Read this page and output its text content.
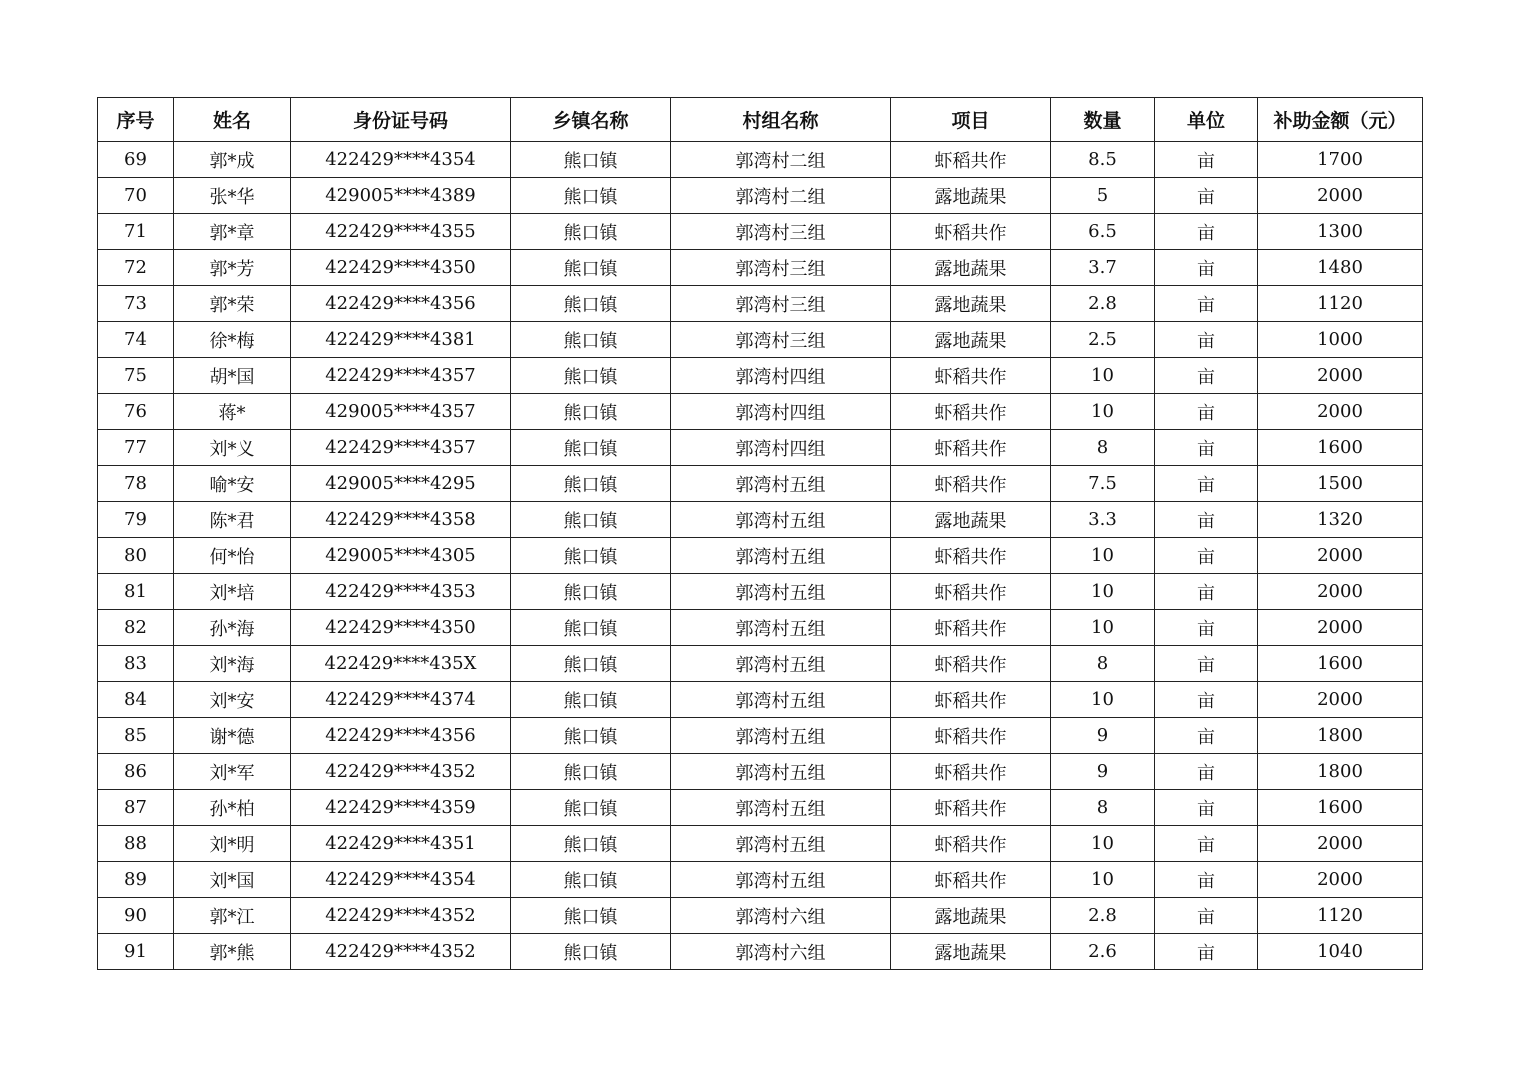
序号	姓名	身份证号码	乡镇名称	村组名称	项目	数量	单位	补助金额（元）
69	郭*成	422429****4354	熊口镇	郭湾村二组	虾稻共作	8.5	亩	1700
70	张*华	429005****4389	熊口镇	郭湾村二组	露地蔬果	5	亩	2000
71	郭*章	422429****4355	熊口镇	郭湾村三组	虾稻共作	6.5	亩	1300
72	郭*芳	422429****4350	熊口镇	郭湾村三组	露地蔬果	3.7	亩	1480
73	郭*荣	422429****4356	熊口镇	郭湾村三组	露地蔬果	2.8	亩	1120
74	徐*梅	422429****4381	熊口镇	郭湾村三组	露地蔬果	2.5	亩	1000
75	胡*国	422429****4357	熊口镇	郭湾村四组	虾稻共作	10	亩	2000
76	蒋*	429005****4357	熊口镇	郭湾村四组	虾稻共作	10	亩	2000
77	刘*义	422429****4357	熊口镇	郭湾村四组	虾稻共作	8	亩	1600
78	喻*安	429005****4295	熊口镇	郭湾村五组	虾稻共作	7.5	亩	1500
79	陈*君	422429****4358	熊口镇	郭湾村五组	露地蔬果	3.3	亩	1320
80	何*怡	429005****4305	熊口镇	郭湾村五组	虾稻共作	10	亩	2000
81	刘*培	422429****4353	熊口镇	郭湾村五组	虾稻共作	10	亩	2000
82	孙*海	422429****4350	熊口镇	郭湾村五组	虾稻共作	10	亩	2000
83	刘*海	422429****435X	熊口镇	郭湾村五组	虾稻共作	8	亩	1600
84	刘*安	422429****4374	熊口镇	郭湾村五组	虾稻共作	10	亩	2000
85	谢*德	422429****4356	熊口镇	郭湾村五组	虾稻共作	9	亩	1800
86	刘*军	422429****4352	熊口镇	郭湾村五组	虾稻共作	9	亩	1800
87	孙*柏	422429****4359	熊口镇	郭湾村五组	虾稻共作	8	亩	1600
88	刘*明	422429****4351	熊口镇	郭湾村五组	虾稻共作	10	亩	2000
89	刘*国	422429****4354	熊口镇	郭湾村五组	虾稻共作	10	亩	2000
90	郭*江	422429****4352	熊口镇	郭湾村六组	露地蔬果	2.8	亩	1120
91	郭*熊	422429****4352	熊口镇	郭湾村六组	露地蔬果	2.6	亩	1040
